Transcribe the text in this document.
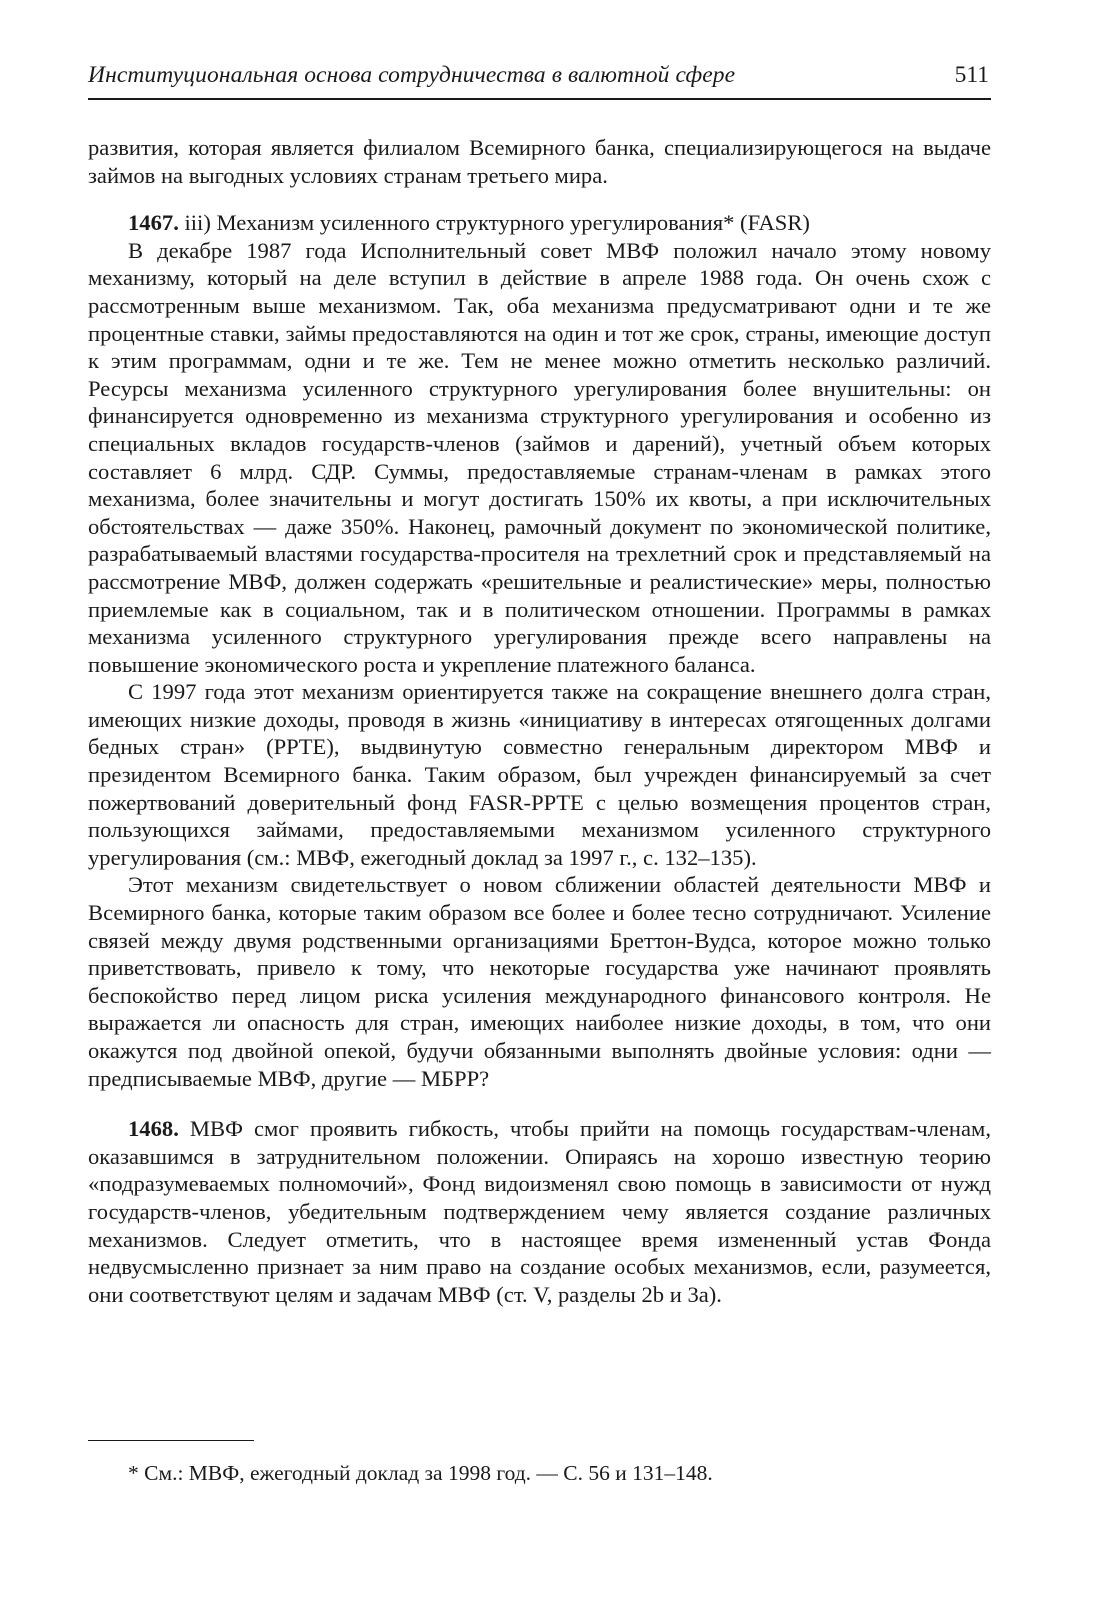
Институциональная основа сотрудничества в валютной сфере	511

развития, которая является филиалом Всемирного банка, специализирующегося на выдаче займов на выгодных условиях странам третьего мира.

1467. iii) Механизм усиленного структурного урегулирования* (FASR)

В декабре 1987 года Исполнительный совет МВФ положил начало этому новому механизму, который на деле вступил в действие в апреле 1988 года. Он очень схож с рассмотренным выше механизмом. Так, оба механизма предусматривают одни и те же процентные ставки, займы предоставляются на один и тот же срок, страны, имеющие доступ к этим программам, одни и те же. Тем не менее можно отметить несколько различий. Ресурсы механизма усиленного структурного урегулирования более внушительны: он финансируется одновременно из механизма структурного урегулирования и особенно из специальных вкладов государств-членов (займов и дарений), учетный объем которых составляет 6 млрд. СДР. Суммы, предоставляемые странам-членам в рамках этого механизма, более значительны и могут достигать 150% их квоты, а при исключительных обстоятельствах — даже 350%. Наконец, рамочный документ по экономической политике, разрабатываемый властями государства-просителя на трехлетний срок и представляемый на рассмотрение МВФ, должен содержать «решительные и реалистические» меры, полностью приемлемые как в социальном, так и в политическом отношении. Программы в рамках механизма усиленного структурного урегулирования прежде всего направлены на повышение экономического роста и укрепление платежного баланса.

С 1997 года этот механизм ориентируется также на сокращение внешнего долга стран, имеющих низкие доходы, проводя в жизнь «инициативу в интересах отягощенных долгами бедных стран» (PPTE), выдвинутую совместно генеральным директором МВФ и президентом Всемирного банка. Таким образом, был учрежден финансируемый за счет пожертвований доверительный фонд FASR-PPTE с целью возмещения процентов стран, пользующихся займами, предоставляемыми механизмом усиленного структурного урегулирования (см.: МВФ, ежегодный доклад за 1997 г., с. 132–135).

Этот механизм свидетельствует о новом сближении областей деятельности МВФ и Всемирного банка, которые таким образом все более и более тесно сотрудничают. Усиление связей между двумя родственными организациями Бреттон-Вудса, которое можно только приветствовать, привело к тому, что некоторые государства уже начинают проявлять беспокойство перед лицом риска усиления международного финансового контроля. Не выражается ли опасность для стран, имеющих наиболее низкие доходы, в том, что они окажутся под двойной опекой, будучи обязанными выполнять двойные условия: одни — предписываемые МВФ, другие — МБРР?

1468. МВФ смог проявить гибкость, чтобы прийти на помощь государствам-членам, оказавшимся в затруднительном положении. Опираясь на хорошо известную теорию «подразумеваемых полномочий», Фонд видоизменял свою помощь в зависимости от нужд государств-членов, убедительным подтверждением чему является создание различных механизмов. Следует отметить, что в настоящее время измененный устав Фонда недвусмысленно признает за ним право на создание особых механизмов, если, разумеется, они соответствуют целям и задачам МВФ (ст. V, разделы 2b и 3a).

* См.: МВФ, ежегодный доклад за 1998 год. — С. 56 и 131–148.
